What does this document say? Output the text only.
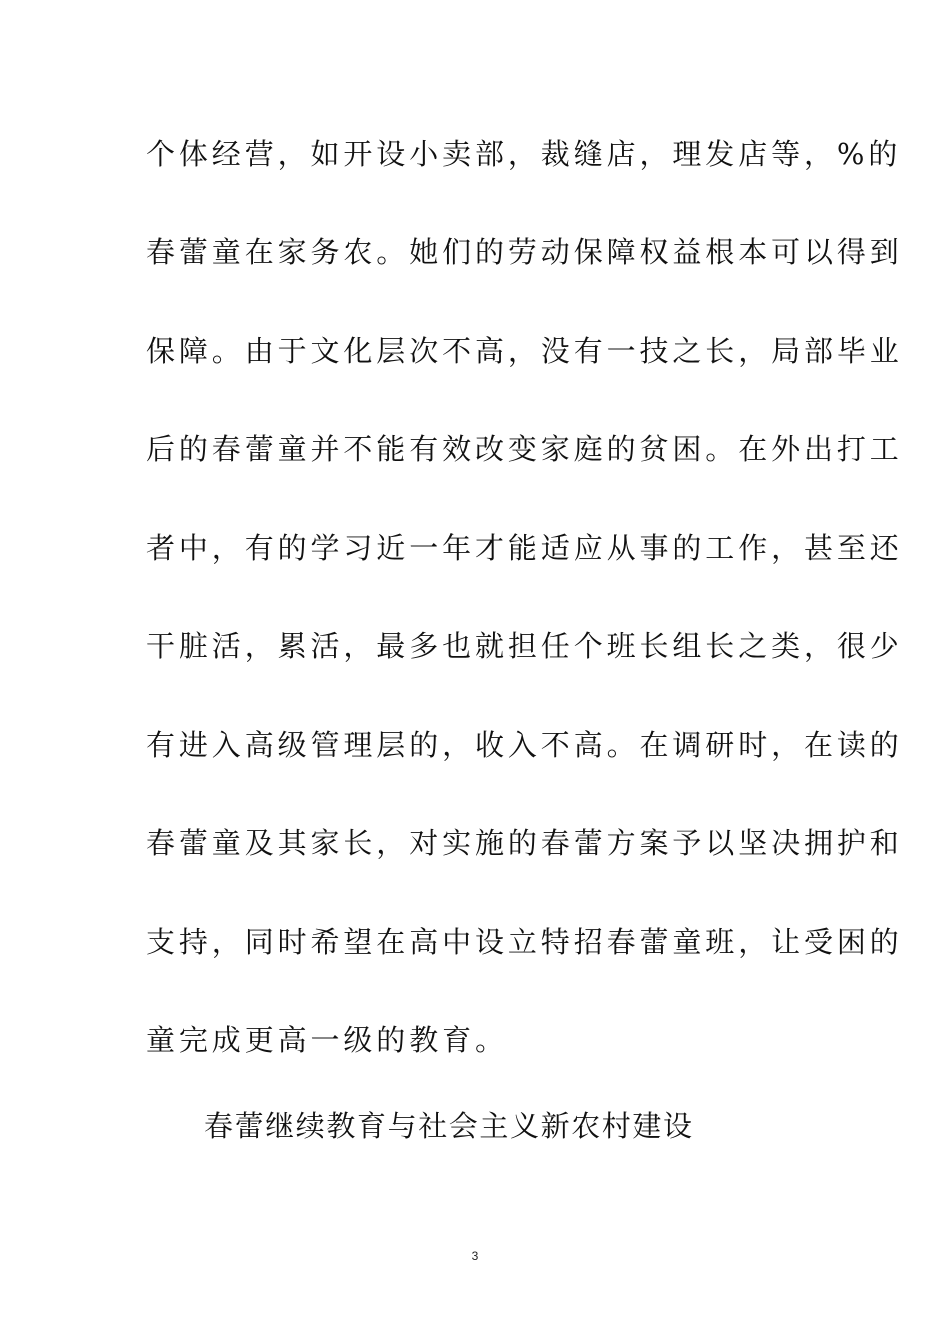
个体经营，如开设小卖部，裁缝店，理发店等，%的
春蕾童在家务农。她们的劳动保障权益根本可以得到
保障。由于文化层次不高，没有一技之长，局部毕业
后的春蕾童并不能有效改变家庭的贫困。在外出打工
者中，有的学习近一年才能适应从事的工作，甚至还
干脏活，累活，最多也就担任个班长组长之类，很少
有进入高级管理层的，收入不高。在调研时，在读的
春蕾童及其家长，对实施的春蕾方案予以坚决拥护和
支持，同时希望在高中设立特招春蕾童班，让受困的
童完成更高一级的教育。
春蕾继续教育与社会主义新农村建设
3
